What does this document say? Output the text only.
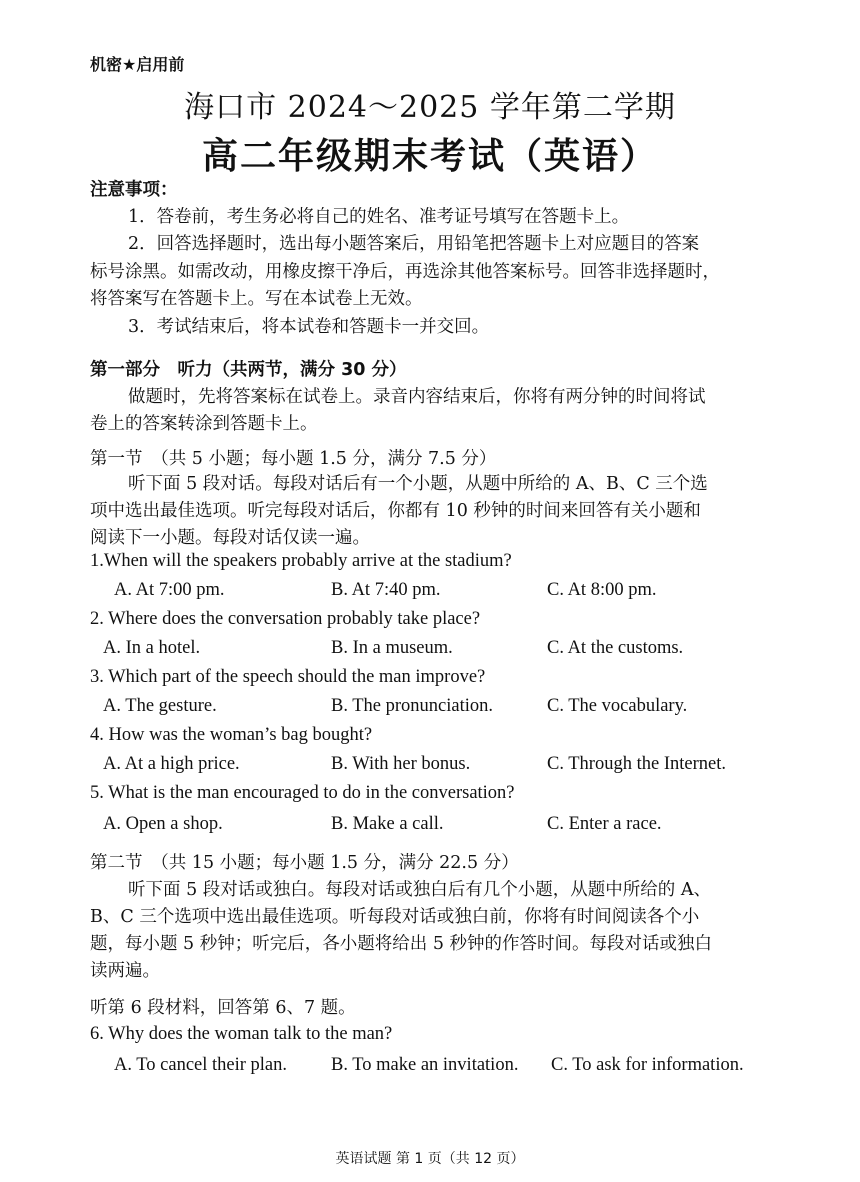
机密★启用前
海口市 2024～2025 学年第二学期
高二年级期末考试（英语）
注意事项：
1．答卷前，考生务必将自己的姓名、准考证号填写在答题卡上。
2．回答选择题时，选出每小题答案后，用铅笔把答题卡上对应题目的答案
标号涂黑。如需改动，用橡皮擦干净后，再选涂其他答案标号。回答非选择题时，
将答案写在答题卡上。写在本试卷上无效。
3．考试结束后，将本试卷和答题卡一并交回。
第一部分　听力（共两节，满分 30 分）
做题时，先将答案标在试卷上。录音内容结束后，你将有两分钟的时间将试
卷上的答案转涂到答题卡上。
第一节　（共 5 小题；每小题 1.5 分，满分 7.5 分）
听下面 5 段对话。每段对话后有一个小题，从题中所给的 A、B、C 三个选
项中选出最佳选项。听完每段对话后，你都有 10 秒钟的时间来回答有关小题和
阅读下一小题。每段对话仅读一遍。
1.When will the speakers probably arrive at the stadium?
A. At 7:00 pm.	B. At 7:40 pm.	C. At 8:00 pm.
2. Where does the conversation probably take place?
A. In a hotel.	B. In a museum.	C. At the customs.
3. Which part of the speech should the man improve?
A. The gesture.	B. The pronunciation.	C. The vocabulary.
4. How was the woman’s bag bought?
A. At a high price.	B. With her bonus.	C. Through the Internet.
5. What is the man encouraged to do in the conversation?
A. Open a shop.	B. Make a call.	C. Enter a race.
第二节　（共 15 小题；每小题 1.5 分，满分 22.5 分）
听下面 5 段对话或独白。每段对话或独白后有几个小题，从题中所给的 A、
B、C 三个选项中选出最佳选项。听每段对话或独白前，你将有时间阅读各个小
题，每小题 5 秒钟；听完后，各小题将给出 5 秒钟的作答时间。每段对话或独白
读两遍。
听第 6 段材料，回答第 6、7 题。
6. Why does the woman talk to the man?
A. To cancel their plan. B. To make an invitation. C. To ask for information.
英语试题 第 1 页（共 12 页）
